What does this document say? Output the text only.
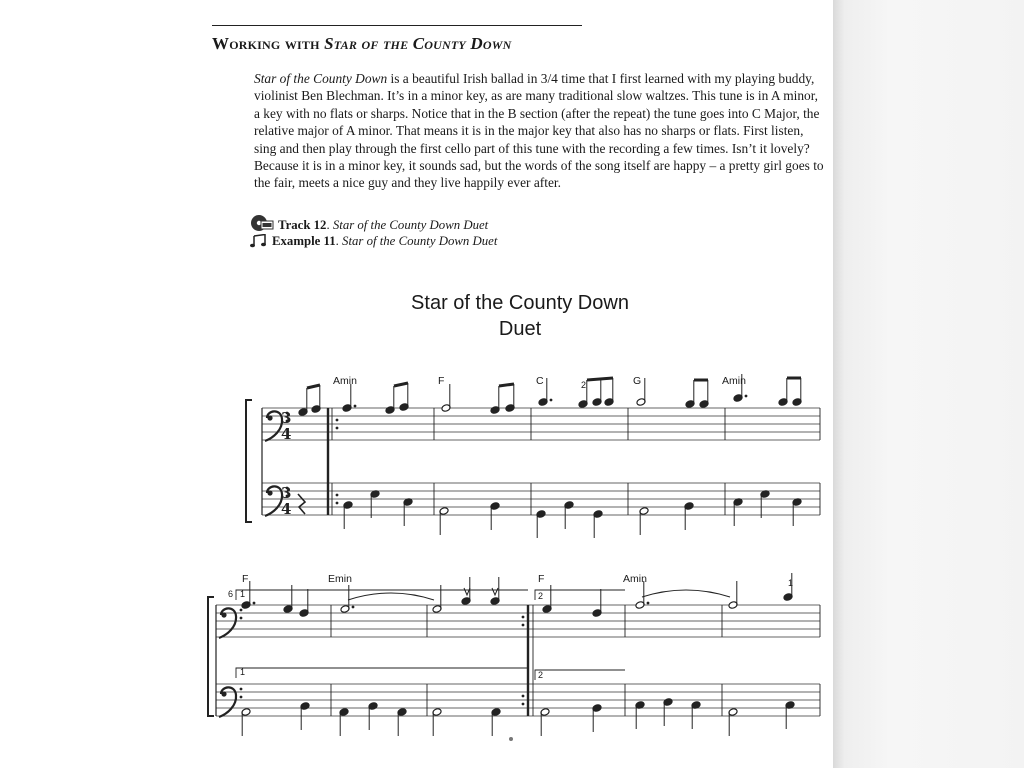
Working with Star of the County Down
Star of the County Down is a beautiful Irish ballad in 3/4 time that I first learned with my playing buddy, violinist Ben Blechman. It’s in a minor key, as are many traditional slow waltzes. This tune is in A minor, a key with no flats or sharps. Notice that in the B section (after the repeat) the tune goes into C Major, the relative major of A minor. That means it is in the major key that also has no sharps or flats. First listen, sing and then play through the first cello part of this tune with the recording a few times. Isn’t it lovely? Because it is in a minor key, it sounds sad, but the words of the song itself are happy – a pretty girl goes to the fair, meets a nice guy and they live happily ever after.
Track 12. Star of the County Down Duet
Example 11. Star of the County Down Duet
Star of the County Down
Duet
Amin	F	C	G	Amin
2
F	Emin	F	Amin
6 1	2
1	2
1
3
4
3
4
